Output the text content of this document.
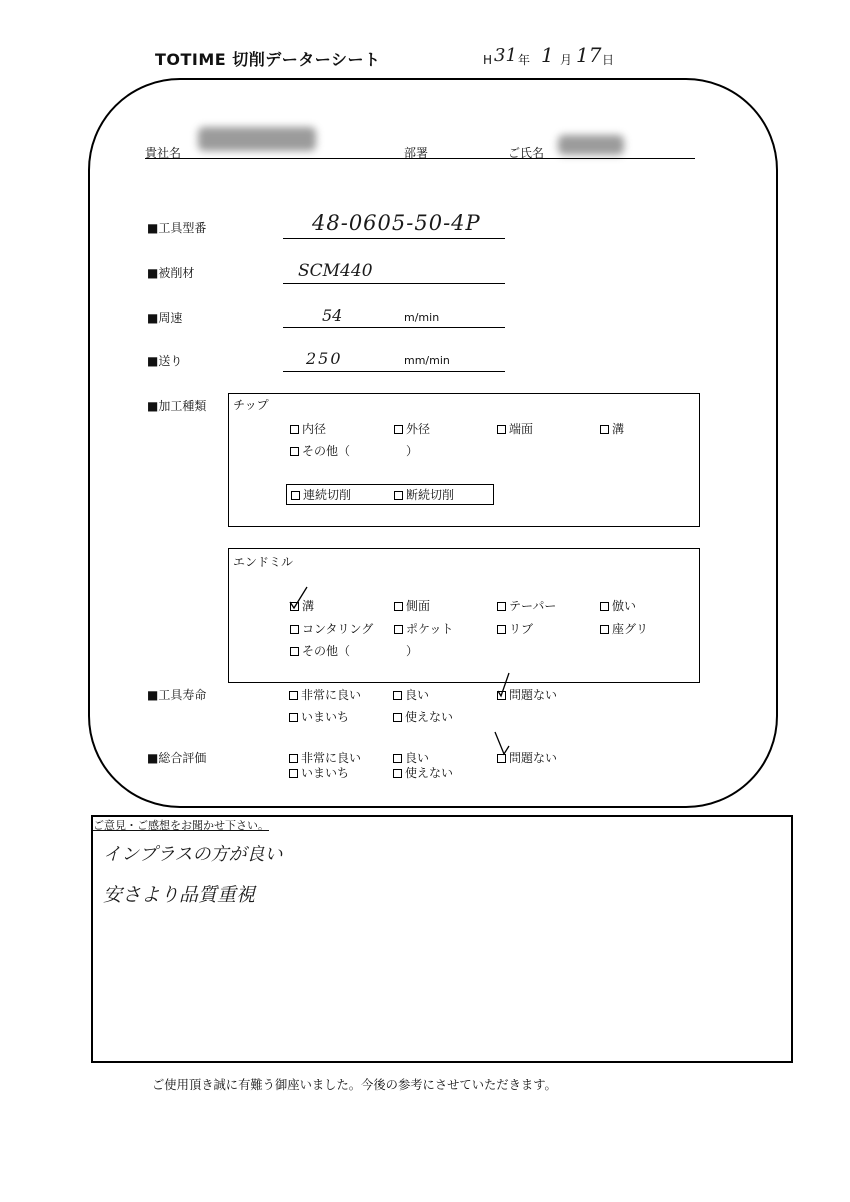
TOTIME 切削データーシート	H 31 年 1 月 17 日
貴社名	部署	ご氏名
■工具型番	48-0605-50-4P
■被削材	SCM440
■周速	54	m/min
■送り	250	mm/min
■加工種類 チップ
内径	外径	端面	溝
その他（	）
連続切削	断続切削
エンドミル
溝	側面	テーパー	倣い
コンタリング	ポケット	リブ	座グリ
その他（	）
■工具寿命	非常に良い	良い	問題ない
いまいち	使えない
■総合評価	非常に良い	良い	問題ない
いまいち	使えない
ご意見・ご感想をお聞かせ下さい。
インプラスの方が良い
安さより品質重視
ご使用頂き誠に有難う御座いました。今後の参考にさせていただきます。
